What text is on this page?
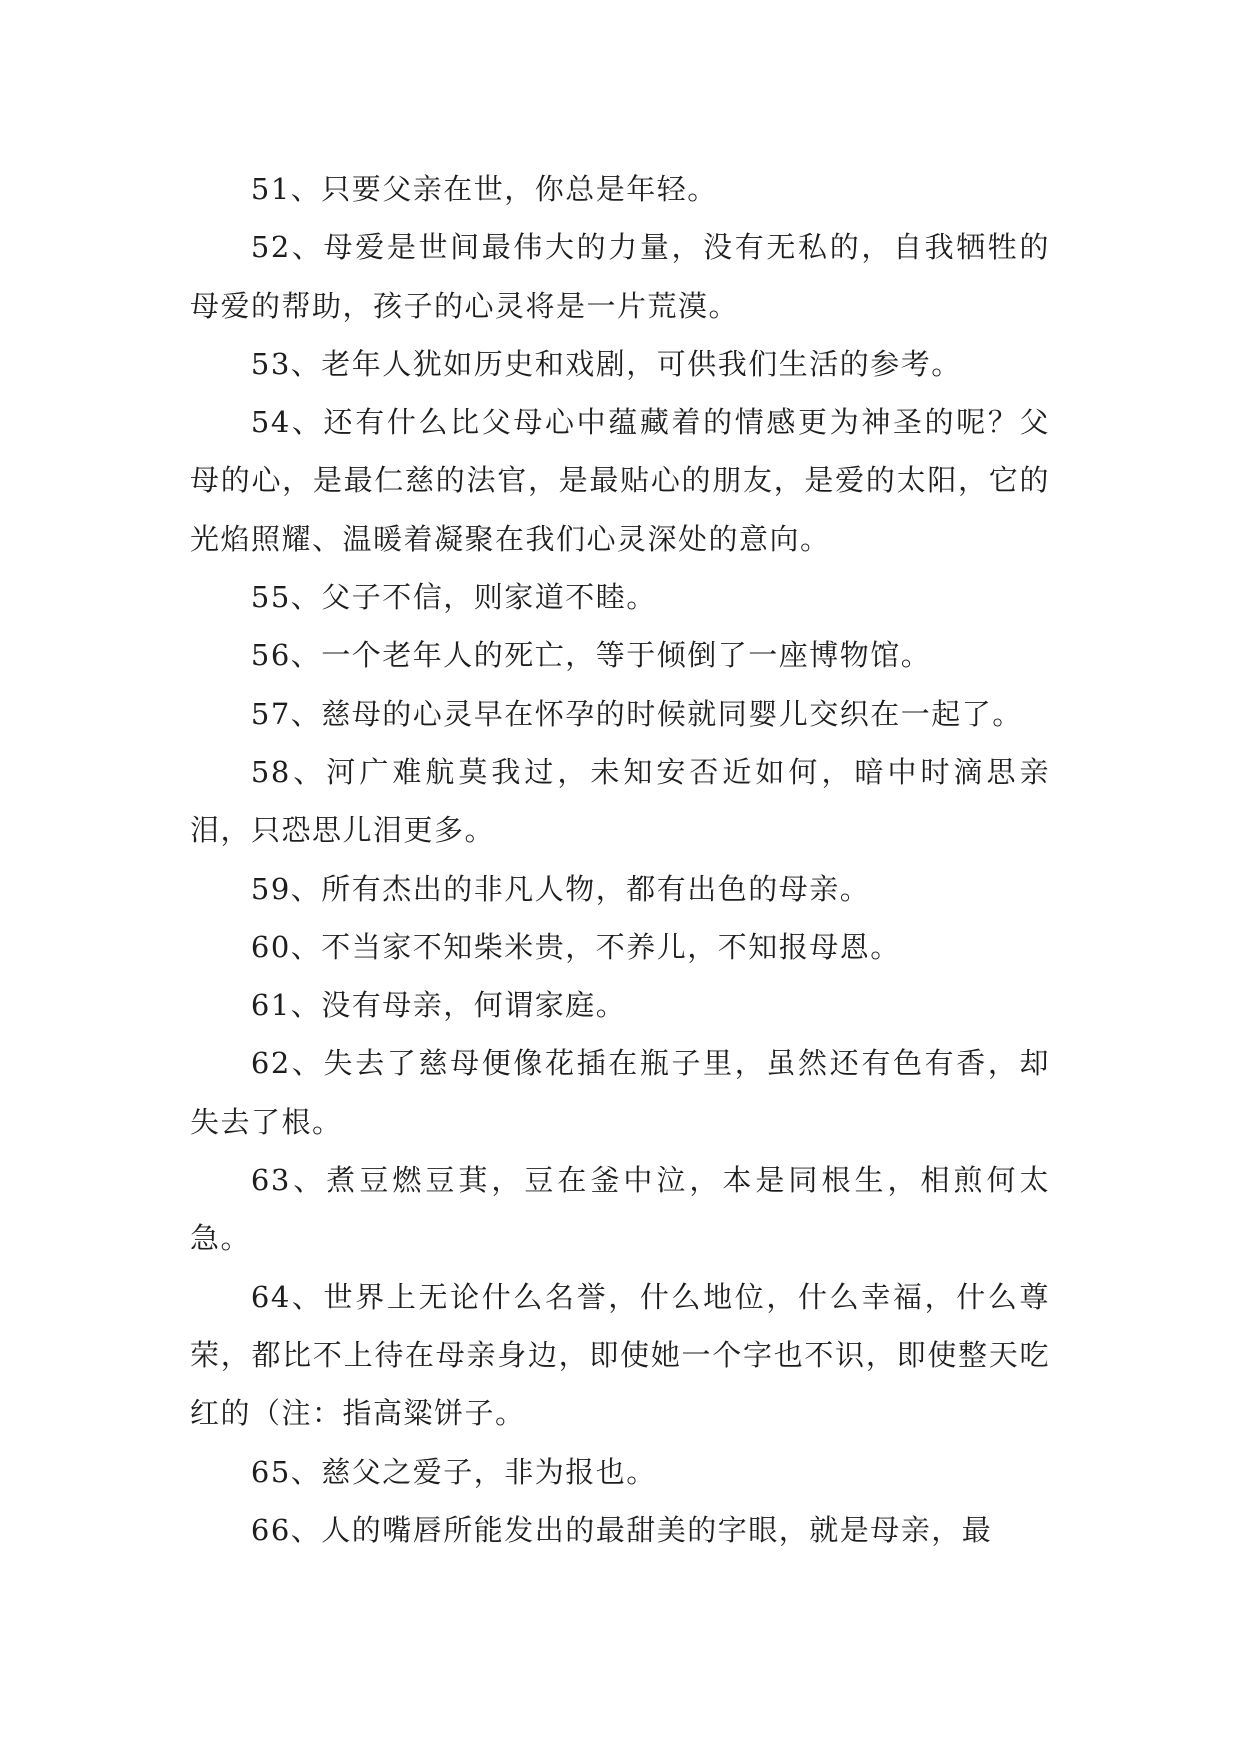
51、只要父亲在世，你总是年轻。

52、母爱是世间最伟大的力量，没有无私的，自我牺牲的母爱的帮助，孩子的心灵将是一片荒漠。

53、老年人犹如历史和戏剧，可供我们生活的参考。

54、还有什么比父母心中蕴藏着的情感更为神圣的呢？父母的心，是最仁慈的法官，是最贴心的朋友，是爱的太阳，它的光焰照耀、温暖着凝聚在我们心灵深处的意向。

55、父子不信，则家道不睦。

56、一个老年人的死亡，等于倾倒了一座博物馆。

57、慈母的心灵早在怀孕的时候就同婴儿交织在一起了。

58、河广难航莫我过，未知安否近如何，暗中时滴思亲泪，只恐思儿泪更多。

59、所有杰出的非凡人物，都有出色的母亲。

60、不当家不知柴米贵，不养儿，不知报母恩。

61、没有母亲，何谓家庭。

62、失去了慈母便像花插在瓶子里，虽然还有色有香，却失去了根。

63、煮豆燃豆萁，豆在釜中泣，本是同根生，相煎何太急。

64、世界上无论什么名誉，什么地位，什么幸福，什么尊荣，都比不上待在母亲身边，即使她一个字也不识，即使整天吃红的（注：指高粱饼子。

65、慈父之爱子，非为报也。

66、人的嘴唇所能发出的最甜美的字眼，就是母亲，最
